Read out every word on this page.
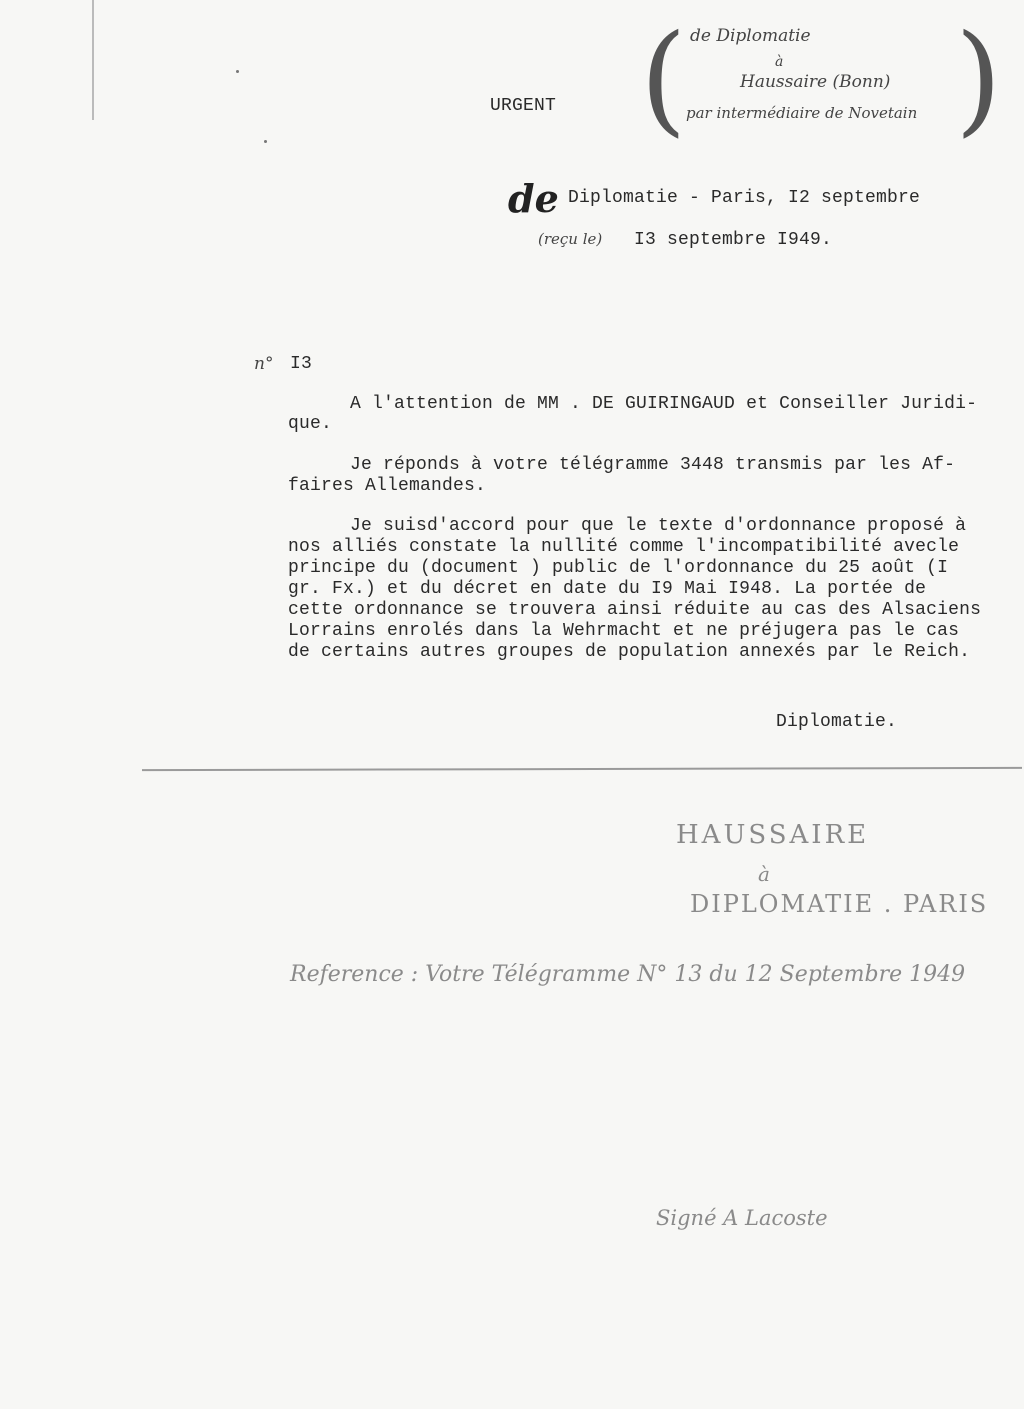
URGENT ( )
de Diplomatie
à
Haussaire (Bonn)
par intermédiaire de Novetain
de Diplomatie - Paris, I2 septembre
(reçu le) I3 septembre I949.
n° I3
A l'attention de MM . DE GUIRINGAUD et Conseiller Juridi-
que.
Je réponds à votre télégramme 3448 transmis par les Af-
faires Allemandes.
Je suisd'accord pour que le texte d'ordonnance proposé à
nos alliés constate la nullité comme l'incompatibilité avecle
principe du (document ) public de l'ordonnance du 25 août (I
gr. Fx.) et du décret en date du I9 Mai I948. La portée de
cette ordonnance se trouvera ainsi réduite au cas des Alsaciens
Lorrains enrolés dans la Wehrmacht et ne préjugera pas le cas
de certains autres groupes de population annexés par le Reich.
Diplomatie.
HAUSSAIRE
à
DIPLOMATIE . PARIS
Reference : Votre Télégramme N° 13 du 12 Septembre 1949
Signé A Lacoste
